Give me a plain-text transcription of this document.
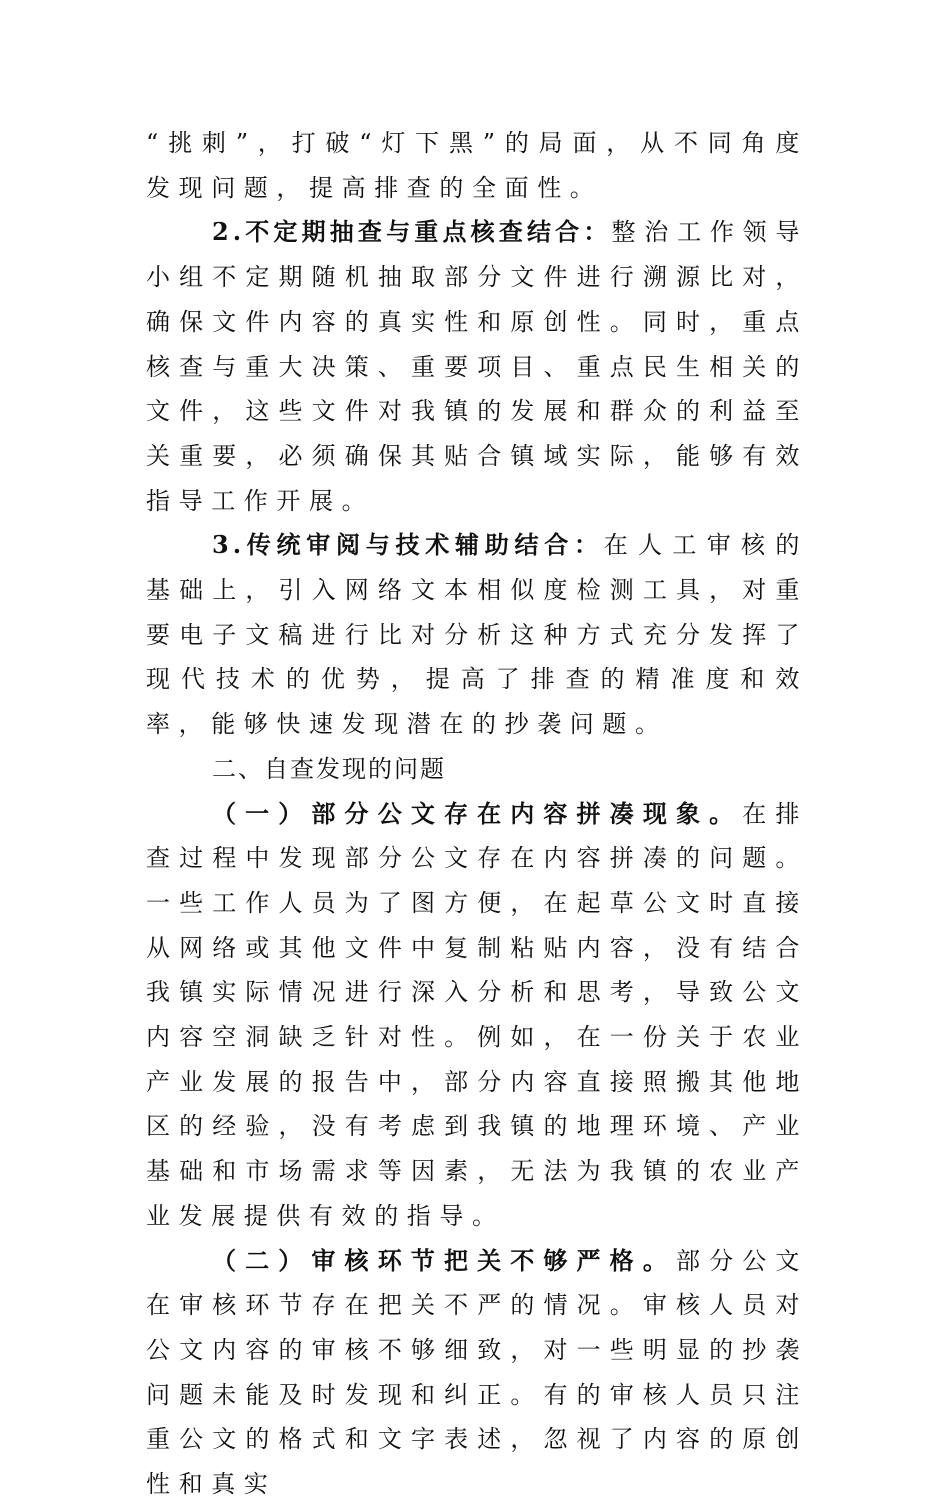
“挑刺”，打破“灯下黑”的局面，从不同角度发现问题，提高排查的全面性。

2.不定期抽查与重点核查结合：整治工作领导小组不定期随机抽取部分文件进行溯源比对，确保文件内容的真实性和原创性。同时，重点核查与重大决策、重要项目、重点民生相关的文件，这些文件对我镇的发展和群众的利益至关重要，必须确保其贴合镇域实际，能够有效指导工作开展。

3.传统审阅与技术辅助结合：在人工审核的基础上，引入网络文本相似度检测工具，对重要电子文稿进行比对分析这种方式充分发挥了现代技术的优势，提高了排查的精准度和效率，能够快速发现潜在的抄袭问题。

二、自查发现的问题

（一）部分公文存在内容拼凑现象。在排查过程中发现部分公文存在内容拼凑的问题。一些工作人员为了图方便，在起草公文时直接从网络或其他文件中复制粘贴内容，没有结合我镇实际情况进行深入分析和思考，导致公文内容空洞缺乏针对性。例如，在一份关于农业产业发展的报告中，部分内容直接照搬其他地区的经验，没有考虑到我镇的地理环境、产业基础和市场需求等因素，无法为我镇的农业产业发展提供有效的指导。

（二）审核环节把关不够严格。部分公文在审核环节存在把关不严的情况。审核人员对公文内容的审核不够细致，对一些明显的抄袭问题未能及时发现和纠正。有的审核人员只注重公文的格式和文字表述，忽视了内容的原创性和真实
